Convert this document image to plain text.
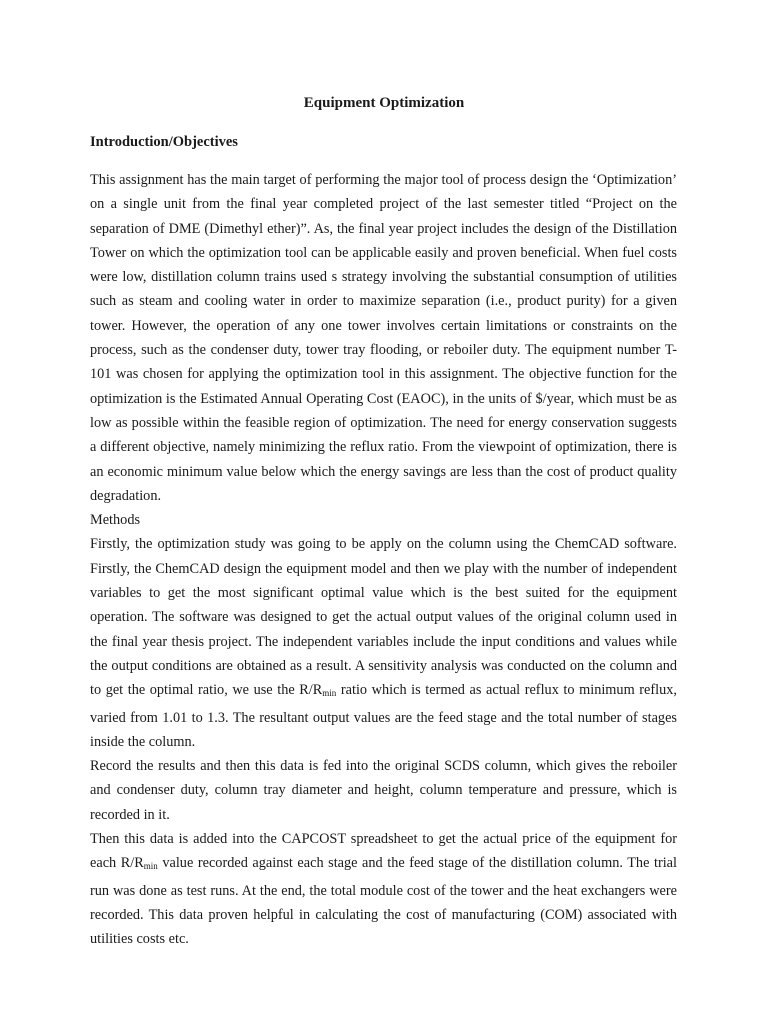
Equipment Optimization
Introduction/Objectives

This assignment has the main target of performing the major tool of process design the ‘Optimization’ on a single unit from the final year completed project of the last semester titled “Project on the separation of DME (Dimethyl ether)”. As, the final year project includes the design of the Distillation Tower on which the optimization tool can be applicable easily and proven beneficial. When fuel costs were low, distillation column trains used s strategy involving the substantial consumption of utilities such as steam and cooling water in order to maximize separation (i.e., product purity) for a given tower. However, the operation of any one tower involves certain limitations or constraints on the process, such as the condenser duty, tower tray flooding, or reboiler duty. The equipment number T-101 was chosen for applying the optimization tool in this assignment. The objective function for the optimization is the Estimated Annual Operating Cost (EAOC), in the units of $/year, which must be as low as possible within the feasible region of optimization. The need for energy conservation suggests a different objective, namely minimizing the reflux ratio. From the viewpoint of optimization, there is an economic minimum value below which the energy savings are less than the cost of product quality degradation.

Methods

Firstly, the optimization study was going to be apply on the column using the ChemCAD software. Firstly, the ChemCAD design the equipment model and then we play with the number of independent variables to get the most significant optimal value which is the best suited for the equipment operation. The software was designed to get the actual output values of the original column used in the final year thesis project. The independent variables include the input conditions and values while the output conditions are obtained as a result. A sensitivity analysis was conducted on the column and to get the optimal ratio, we use the R/Rmin ratio which is termed as actual reflux to minimum reflux, varied from 1.01 to 1.3. The resultant output values are the feed stage and the total number of stages inside the column.

Record the results and then this data is fed into the original SCDS column, which gives the reboiler and condenser duty, column tray diameter and height, column temperature and pressure, which is recorded in it.

Then this data is added into the CAPCOST spreadsheet to get the actual price of the equipment for each R/Rmin value recorded against each stage and the feed stage of the distillation column. The trial run was done as test runs. At the end, the total module cost of the tower and the heat exchangers were recorded. This data proven helpful in calculating the cost of manufacturing (COM) associated with utilities costs etc.
